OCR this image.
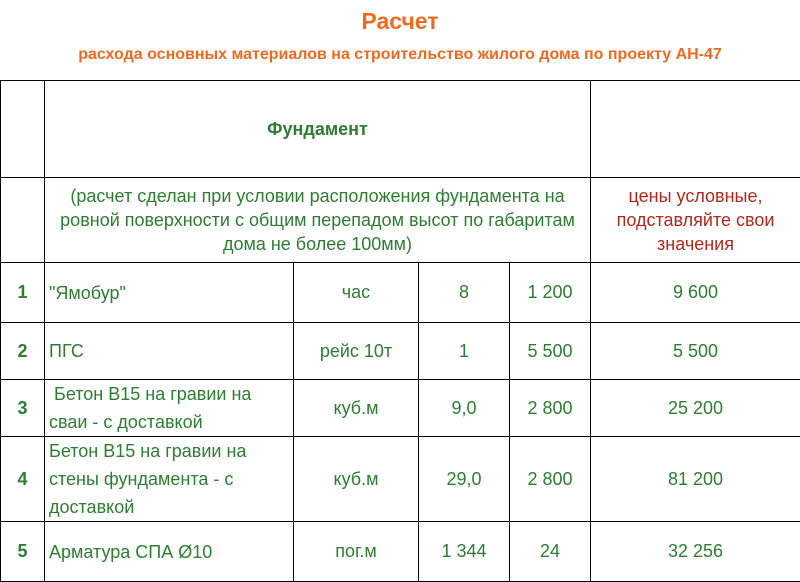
Расчет
расхода основных материалов на строительство жилого дома по проекту АН-47
	Фундамент				
	(расчет сделан при условии расположения фундамента на ровной поверхности с общим перепадом высот по габаритам дома не более 100мм)				цены условные, подставляйте свои значения
1	"Ямобур"	час	8	1 200	9 600
2	ПГС	рейс 10т	1	5 500	5 500
3	Бетон В15 на гравии на сваи - с доставкой	куб.м	9,0	2 800	25 200
4	Бетон В15 на гравии на стены фундамента - с доставкой	куб.м	29,0	2 800	81 200
5	Арматура СПА Ø10	пог.м	1 344	24	32 256
